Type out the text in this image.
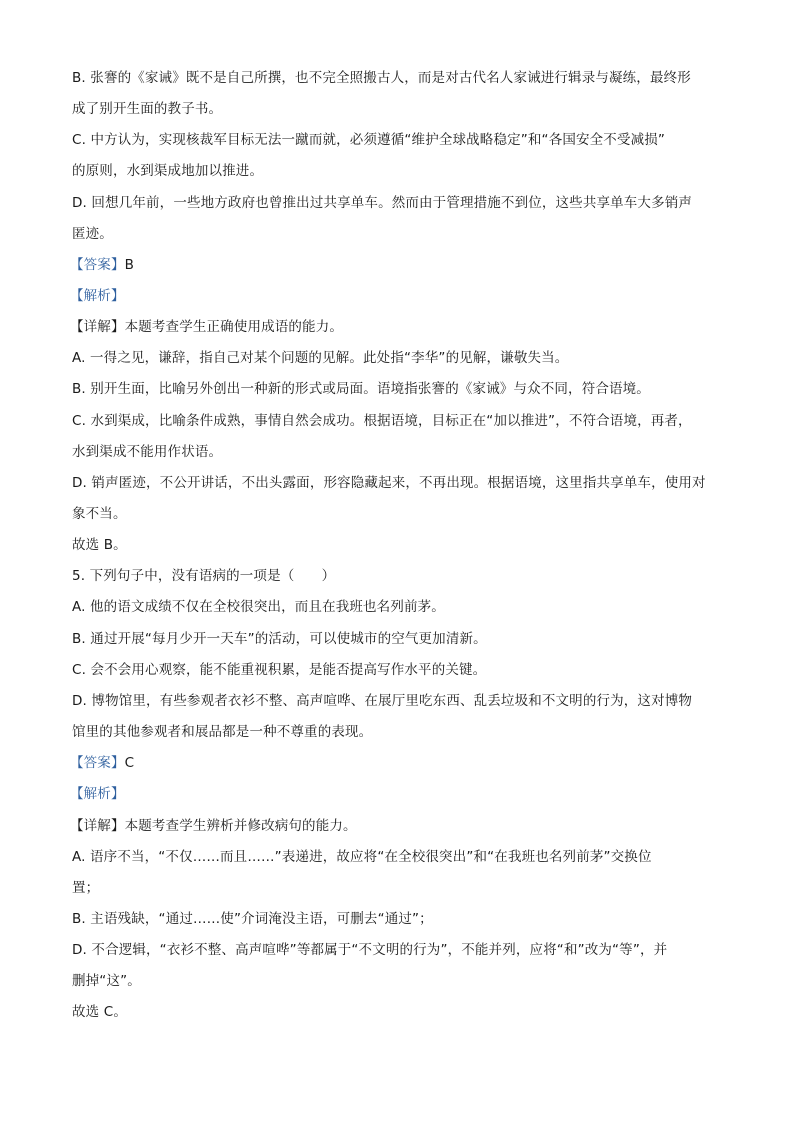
B. 张謇的《家诫》既不是自己所撰，也不完全照搬古人，而是对古代名人家诫进行辑录与凝练，最终形
成了别开生面的教子书。
C. 中方认为，实现核裁军目标无法一蹴而就，必须遵循“维护全球战略稳定”和“各国安全不受减损”
的原则，水到渠成地加以推进。
D. 回想几年前，一些地方政府也曾推出过共享单车。然而由于管理措施不到位，这些共享单车大多销声
匿迹。
【答案】B
【解析】
【详解】本题考查学生正确使用成语的能力。
A. 一得之见，谦辞，指自己对某个问题的见解。此处指“李华”的见解，谦敬失当。
B. 别开生面，比喻另外创出一种新的形式或局面。语境指张謇的《家诫》与众不同，符合语境。
C. 水到渠成，比喻条件成熟，事情自然会成功。根据语境，目标正在“加以推进”，不符合语境，再者，
水到渠成不能用作状语。
D. 销声匿迹，不公开讲话，不出头露面，形容隐藏起来，不再出现。根据语境，这里指共享单车，使用对
象不当。
故选 B。
5. 下列句子中，没有语病的一项是（　　）
A. 他的语文成绩不仅在全校很突出，而且在我班也名列前茅。
B. 通过开展“每月少开一天车”的活动，可以使城市的空气更加清新。
C. 会不会用心观察，能不能重视积累，是能否提高写作水平的关键。
D. 博物馆里，有些参观者衣衫不整、高声喧哗、在展厅里吃东西、乱丢垃圾和不文明的行为，这对博物
馆里的其他参观者和展品都是一种不尊重的表现。
【答案】C
【解析】
【详解】本题考查学生辨析并修改病句的能力。
A. 语序不当，“不仅……而且……”表递进，故应将“在全校很突出”和“在我班也名列前茅”交换位
置；
B. 主语残缺，“通过……使”介词淹没主语，可删去“通过”；
D. 不合逻辑，“衣衫不整、高声喧哗”等都属于“不文明的行为”，不能并列，应将“和”改为“等”，并
删掉“这”。
故选 C。
